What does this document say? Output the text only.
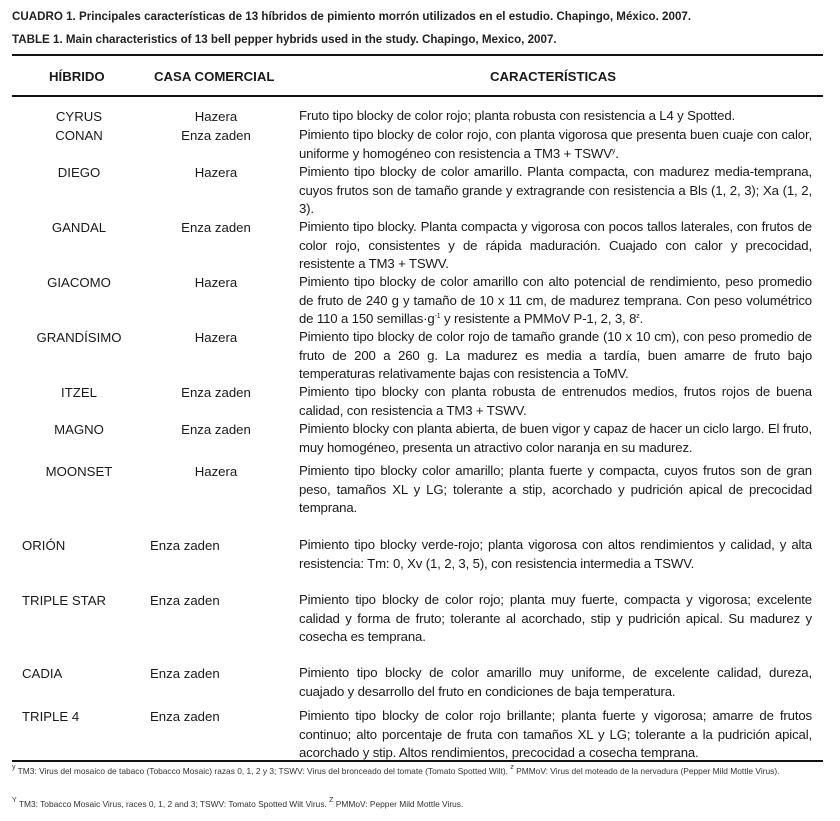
CUADRO 1. Principales características de 13 híbridos de pimiento morrón utilizados en el estudio. Chapingo, México. 2007.
TABLE 1. Main characteristics of 13 bell pepper hybrids used in the study. Chapingo, Mexico, 2007.
HÍBRIDO	CASA COMERCIAL	CARACTERÍSTICAS
CYRUS	Hazera	Fruto tipo blocky de color rojo; planta robusta con resistencia a L4 y Spotted.
CONAN	Enza zaden	Pimiento tipo blocky de color rojo, con planta vigorosa que presenta buen cuaje con calor, uniforme y homogéneo con resistencia a $TM3 + TSWV^y$.
DIEGO	Hazera	Pimiento tipo blocky de color amarillo. Planta compacta, con madurez media-temprana, cuyos frutos son de tamaño grande y extragrande con resistencia a Bls (1, 2, 3); Xa (1, 2, 3).
GANDAL	Enza zaden	Pimiento tipo blocky. Planta compacta y vigorosa con pocos tallos laterales, con frutos de color rojo, consistentes y de rápida maduración. Cuajado con calor y precocidad, resistente a TM3 + TSWV.
GIACOMO	Hazera	Pimiento tipo blocky de color amarillo con alto potencial de rendimiento, peso promedio de fruto de 240 g y tamaño de 10 x 11 cm, de madurez temprana. Con peso volumétrico de 110 a 150 $semillas\cdot g^{-1}$ y resistente a PMMoV P-1, 2, 3, 8$^z$.
GRANDÍSIMO	Hazera	Pimiento tipo blocky de color rojo de tamaño grande (10 x 10 cm), con peso promedio de fruto de 200 a 260 g. La madurez es media a tardía, buen amarre de fruto bajo temperaturas relativamente bajas con resistencia a ToMV.
ITZEL	Enza zaden	Pimiento tipo blocky con planta robusta de entrenudos medios, frutos rojos de buena calidad, con resistencia a TM3 + TSWV.
MAGNO	Enza zaden	Pimiento blocky con planta abierta, de buen vigor y capaz de hacer un ciclo largo. El fruto, muy homogéneo, presenta un atractivo color naranja en su madurez.
MOONSET	Hazera	Pimiento tipo blocky color amarillo; planta fuerte y compacta, cuyos frutos son de gran peso, tamaños XL y LG; tolerante a stip, acorchado y pudrición apical de precocidad temprana.
ORIÓN	Enza zaden	Pimiento tipo blocky verde-rojo; planta vigorosa con altos rendimientos y calidad, y alta resistencia: Tm: 0, Xv (1, 2, 3, 5), con resistencia intermedia a TSWV.
TRIPLE STAR	Enza zaden	Pimiento tipo blocky de color rojo; planta muy fuerte, compacta y vigorosa; excelente calidad y forma de fruto; tolerante al acorchado, stip y pudrición apical. Su madurez y cosecha es temprana.
CADIA	Enza zaden	Pimiento tipo blocky de color amarillo muy uniforme, de excelente calidad, dureza, cuajado y desarrollo del fruto en condiciones de baja temperatura.
TRIPLE 4	Enza zaden	Pimiento tipo blocky de color rojo brillante; planta fuerte y vigorosa; amarre de frutos continuo; alto porcentaje de fruta con tamaños XL y LG; tolerante a la pudrición apical, acorchado y stip. Altos rendimientos, precocidad a cosecha temprana.
$^y$ TM3: Virus del mosaico de tabaco (Tobacco Mosaic) razas 0, 1, 2 y 3; TSWV: Virus del bronceado del tomate (Tomato Spotted Wilt). $^z$ PMMoV: Virus del moteado de la nervadura (Pepper Mild Mottle Virus).
$^Y$ TM3: Tobacco Mosaic Virus, races 0, 1, 2 and 3; TSWV: Tomato Spotted Wilt Virus. $^Z$ PMMoV: Pepper Mild Mottle Virus.
